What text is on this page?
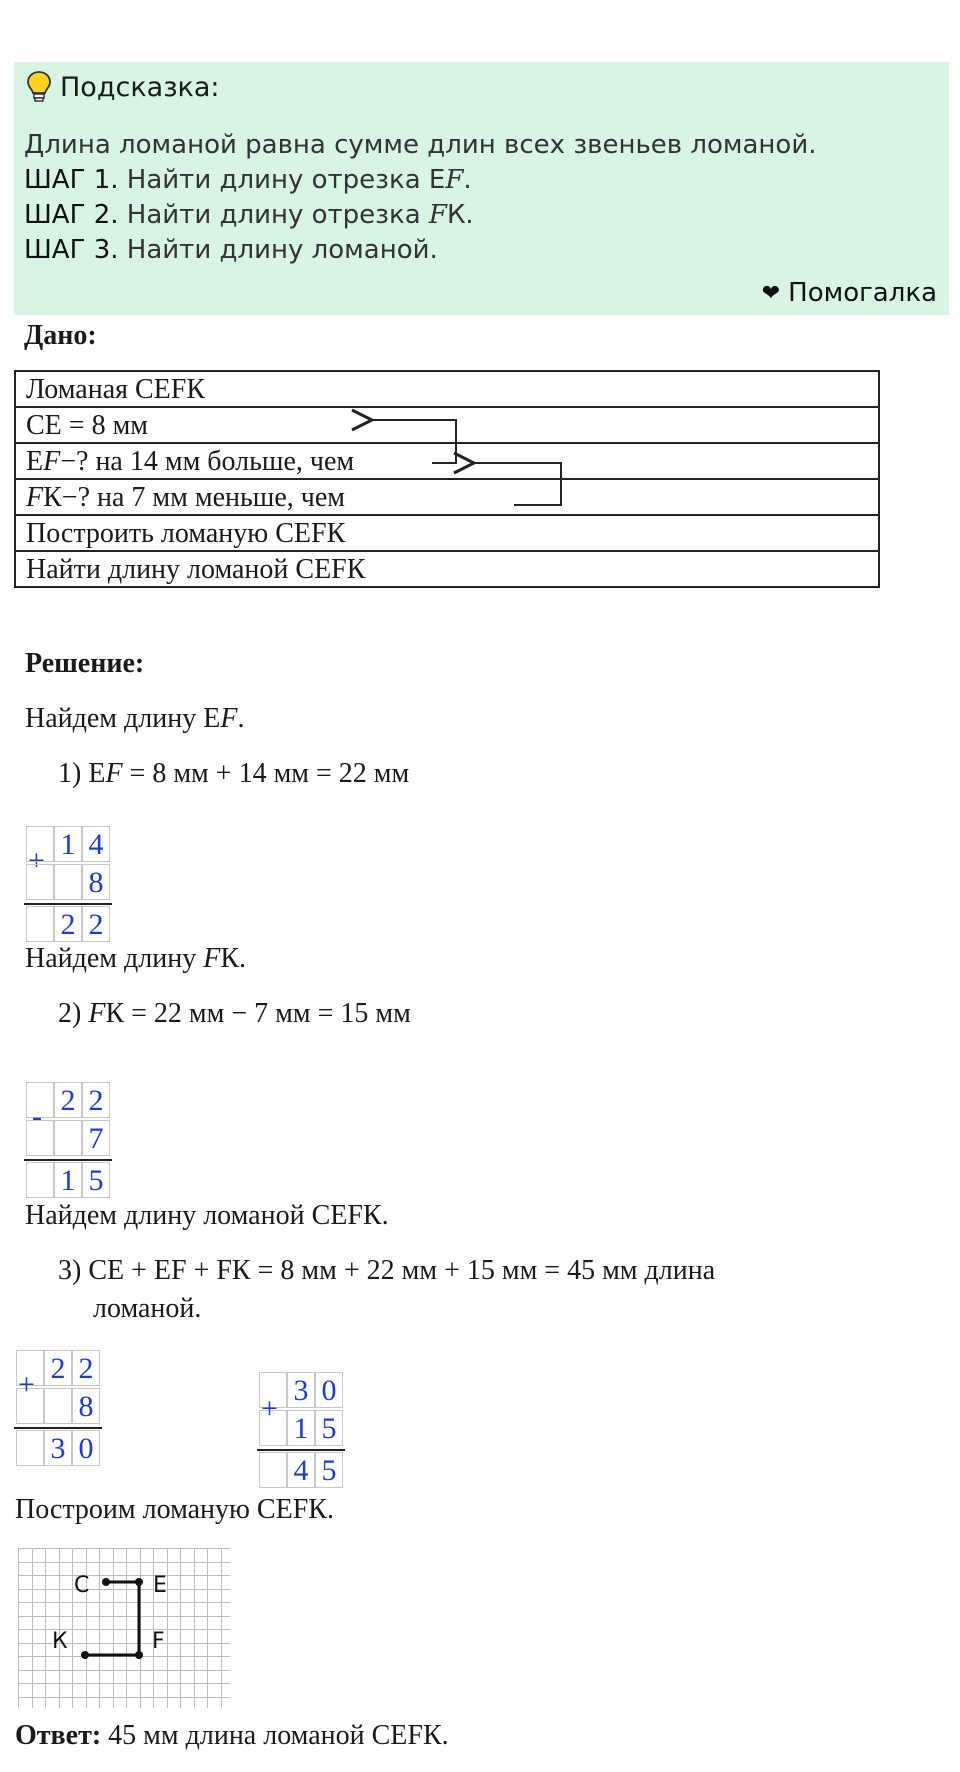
Подсказка:
Длина ломаной равна сумме длин всех звеньев ломаной.
ШАГ 1. Найти длину отрезка EF.
ШАГ 2. Найти длину отрезка FК.
ШАГ 3. Найти длину ломаной.
❤ Помогалка
Дано:
Ломаная СЕFК
СЕ = 8 мм
EF−? на 14 мм больше, чем
FК−? на 7 мм меньше, чем
Построить ломаную СЕFК
Найти длину ломаной СЕFК
Решение:
Найдем длину EF.
1) EF = 8 мм + 14 мм = 22 мм
+ 1 4
8
2 2
Найдем длину FК.
2) FК = 22 мм − 7 мм = 15 мм
- 2 2
7
1 5
Найдем длину ломаной СЕFК.
3) СЕ + EF + FК = 8 мм + 22 мм + 15 мм = 45 мм длина
ломаной.
+ 2 2
8
3 0
+
3 0
1 5
4 5
Построим ломаную СЕFК.
С	E
К	F
Ответ: 45 мм длина ломаной СЕFК.
